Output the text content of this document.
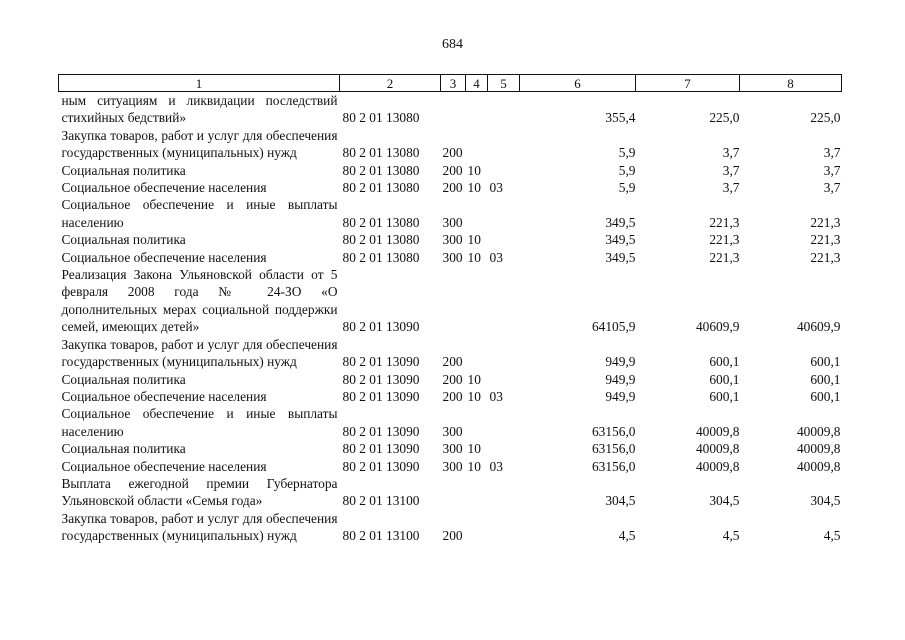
684
1	2	3	4	5	6	7	8
ным ситуациям и ликвидации последствий стихийных бедствий»	80 2 01 13080				355,4	225,0	225,0
Закупка товаров, работ и услуг для обеспечения государственных (муниципальных) нужд	80 2 01 13080	200			5,9	3,7	3,7
Социальная политика	80 2 01 13080	200	10		5,9	3,7	3,7
Социальное обеспечение населения	80 2 01 13080	200	10	03	5,9	3,7	3,7
Социальное обеспечение и иные выплаты населению	80 2 01 13080	300			349,5	221,3	221,3
Социальная политика	80 2 01 13080	300	10		349,5	221,3	221,3
Социальное обеспечение населения	80 2 01 13080	300	10	03	349,5	221,3	221,3
Реализация Закона Ульяновской области от 5 февраля 2008 года № 24-ЗО «О дополнительных мерах социальной поддержки семей, имеющих детей»	80 2 01 13090				64105,9	40609,9	40609,9
Закупка товаров, работ и услуг для обеспечения государственных (муниципальных) нужд	80 2 01 13090	200			949,9	600,1	600,1
Социальная политика	80 2 01 13090	200	10		949,9	600,1	600,1
Социальное обеспечение населения	80 2 01 13090	200	10	03	949,9	600,1	600,1
Социальное обеспечение и иные выплаты населению	80 2 01 13090	300			63156,0	40009,8	40009,8
Социальная политика	80 2 01 13090	300	10		63156,0	40009,8	40009,8
Социальное обеспечение населения	80 2 01 13090	300	10	03	63156,0	40009,8	40009,8
Выплата ежегодной премии Губернатора Ульяновской области «Семья года»	80 2 01 13100				304,5	304,5	304,5
Закупка товаров, работ и услуг для обеспечения государственных (муниципальных) нужд	80 2 01 13100	200			4,5	4,5	4,5
